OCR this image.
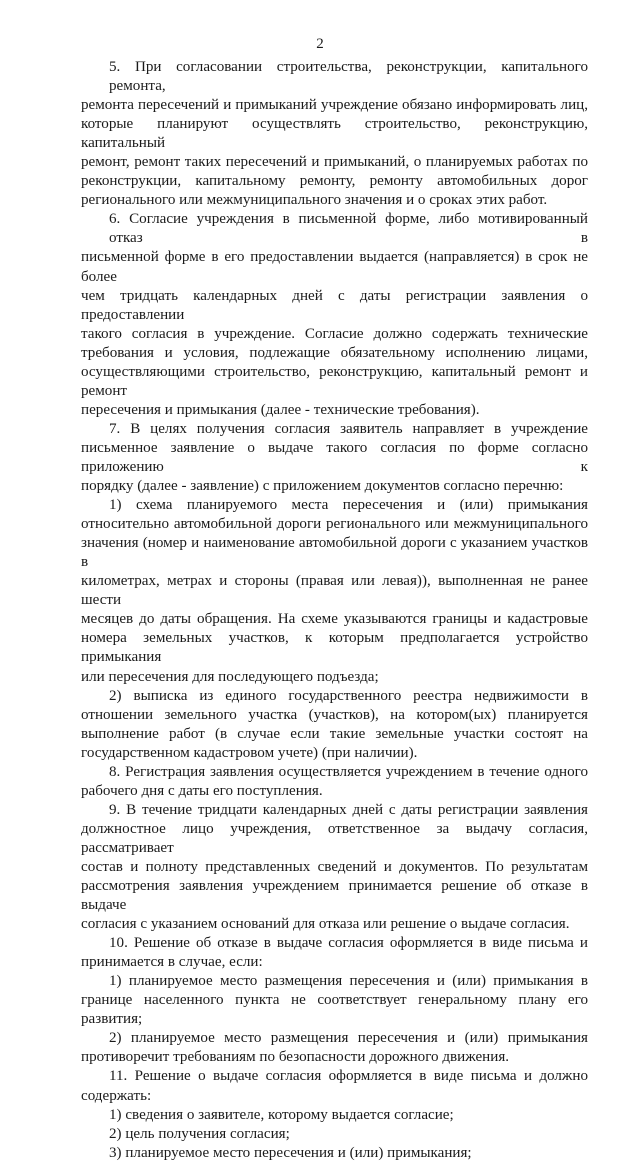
2
5. При согласовании строительства, реконструкции, капитального ремонта,
ремонта пересечений и примыканий учреждение обязано информировать лиц,
которые планируют осуществлять строительство, реконструкцию, капитальный
ремонт, ремонт таких пересечений и примыканий, о планируемых работах по
реконструкции, капитальному ремонту, ремонту автомобильных дорог
регионального или межмуниципального значения и о сроках этих работ.
6. Согласие учреждения в письменной форме, либо мотивированный отказ в
письменной форме в его предоставлении выдается (направляется) в срок не более
чем тридцать календарных дней с даты регистрации заявления о предоставлении
такого согласия в учреждение. Согласие должно содержать технические
требования и условия, подлежащие обязательному исполнению лицами,
осуществляющими строительство, реконструкцию, капитальный ремонт и ремонт
пересечения и примыкания (далее - технические требования).
7. В целях получения согласия заявитель направляет в учреждение
письменное заявление о выдаче такого согласия по форме согласно приложению к
порядку (далее - заявление) с приложением документов согласно перечню:
1) схема планируемого места пересечения и (или) примыкания
относительно автомобильной дороги регионального или межмуниципального
значения (номер и наименование автомобильной дороги с указанием участков в
километрах, метрах и стороны (правая или левая)), выполненная не ранее шести
месяцев до даты обращения. На схеме указываются границы и кадастровые
номера земельных участков, к которым предполагается устройство примыкания
или пересечения для последующего подъезда;
2) выписка из единого государственного реестра недвижимости в
отношении земельного участка (участков), на котором(ых) планируется
выполнение работ (в случае если такие земельные участки состоят на
государственном кадастровом учете) (при наличии).
8. Регистрация заявления осуществляется учреждением в течение одного
рабочего дня с даты его поступления.
9. В течение тридцати календарных дней с даты регистрации заявления
должностное лицо учреждения, ответственное за выдачу согласия, рассматривает
состав и полноту представленных сведений и документов. По результатам
рассмотрения заявления учреждением принимается решение об отказе в выдаче
согласия с указанием оснований для отказа или решение о выдаче согласия.
10. Решение об отказе в выдаче согласия оформляется в виде письма и
принимается в случае, если:
1) планируемое место размещения пересечения и (или) примыкания в
границе населенного пункта не соответствует генеральному плану его развития;
2) планируемое место размещения пересечения и (или) примыкания
противоречит требованиям по безопасности дорожного движения.
11. Решение о выдаче согласия оформляется в виде письма и должно
содержать:
1) сведения о заявителе, которому выдается согласие;
2) цель получения согласия;
3) планируемое место пересечения и (или) примыкания;
